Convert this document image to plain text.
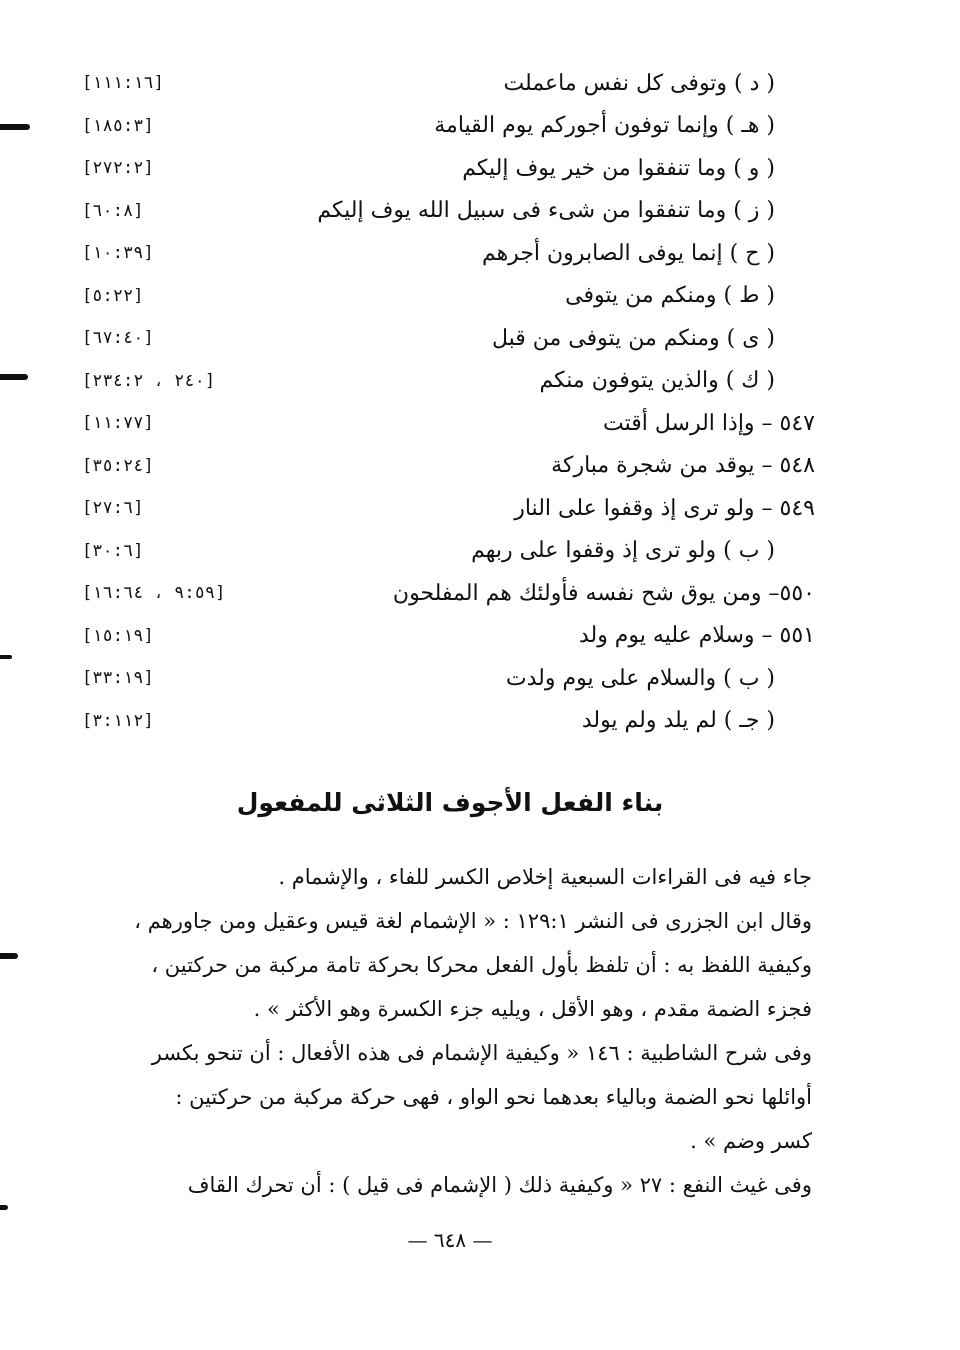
( د ) وتوفى كل نفس ماعملت
[١١١:١٦]
( هـ ) وإنما توفون أجوركم يوم القيامة
[١٨٥:٣]
( و ) وما تنفقوا من خير يوف إليكم
[٢٧٢:٢]
( ز ) وما تنفقوا من شىء فى سبيل الله يوف إليكم
[٦٠:٨]
( ح ) إنما يوفى الصابرون أجرهم
[١٠:٣٩]
( ط ) ومنكم من يتوفى
[٥:٢٢]
( ى ) ومنكم من يتوفى من قبل
[٦٧:٤٠]
( ك ) والذين يتوفون منكم
[٢٤٠ ، ٢٣٤:٢]
٥٤٧ – وإذا الرسل أقتت
[١١:٧٧]
٥٤٨ – يوقد من شجرة مباركة
[٣٥:٢٤]
٥٤٩ – ولو ترى إذ وقفوا على النار
[٢٧:٦]
( ب ) ولو ترى إذ وقفوا على ربهم
[٣٠:٦]
٥٥٠– ومن يوق شح نفسه فأولئك هم المفلحون
[٩:٥٩ ، ١٦:٦٤]
٥٥١ – وسلام عليه يوم ولد
[١٥:١٩]
( ب ) والسلام على يوم ولدت
[٣٣:١٩]
( جـ ) لم يلد ولم يولد
[٣:١١٢]
بناء الفعل الأجوف الثلاثى للمفعول
جاء فيه فى القراءات السبعية إخلاص الكسر للفاء ، والإشمام .
وقال ابن الجزرى فى النشر ١٢٩:١ : « الإشمام لغة قيس وعقيل ومن جاورهم ،
وكيفية اللفظ به : أن تلفظ بأول الفعل محركا بحركة تامة مركبة من حركتين ،
فجزء الضمة مقدم ، وهو الأقل ، ويليه جزء الكسرة وهو الأكثر » .
وفى شرح الشاطبية : ١٤٦ « وكيفية الإشمام فى هذه الأفعال : أن تنحو بكسر
أوائلها نحو الضمة وبالياء بعدهما نحو الواو ، فهى حركة مركبة من حركتين :
كسر وضم » .
وفى غيث النفع : ٢٧ « وكيفية ذلك ( الإشمام فى قيل ) : أن تحرك القاف
— ٦٤٨ —
